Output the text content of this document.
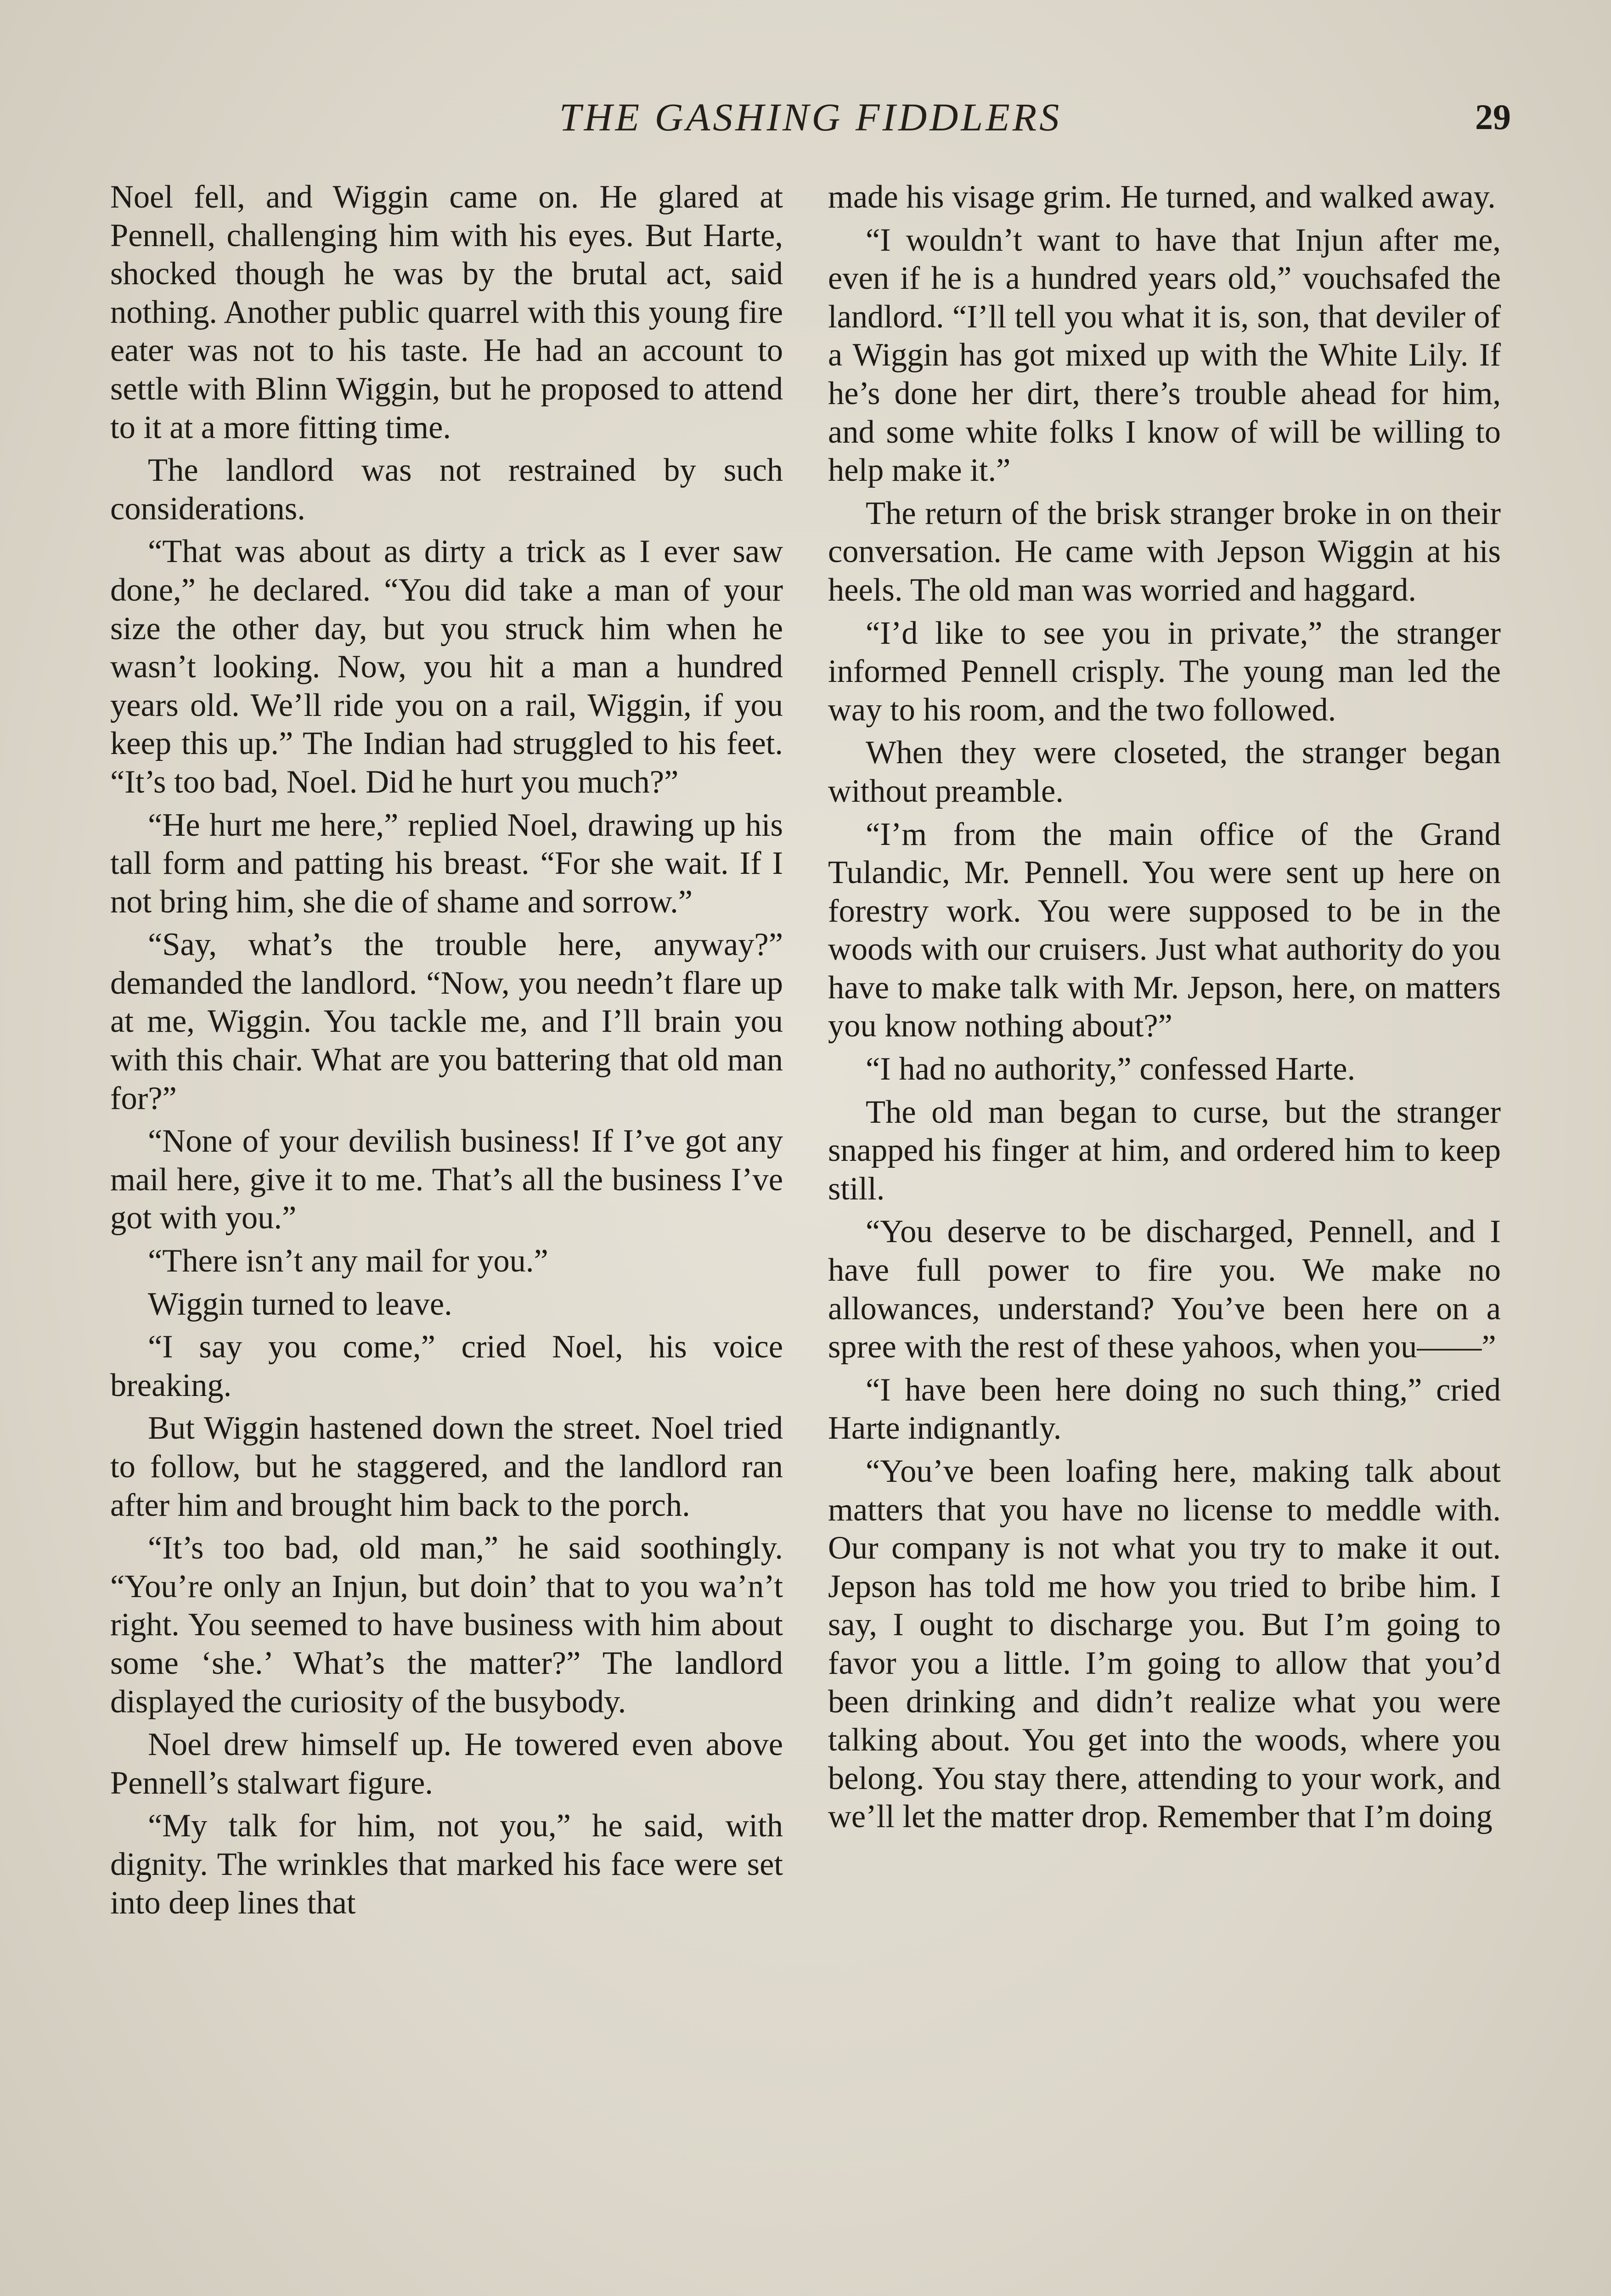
THE GASHING FIDDLERS	29

Noel fell, and Wiggin came on. He glared at Pennell, challenging him with his eyes. But Harte, shocked though he was by the brutal act, said nothing. Another public quarrel with this young fire eater was not to his taste. He had an account to settle with Blinn Wiggin, but he proposed to attend to it at a more fitting time.

The landlord was not restrained by such considerations.

“That was about as dirty a trick as I ever saw done,” he declared. “You did take a man of your size the other day, but you struck him when he wasn’t looking. Now, you hit a man a hundred years old. We’ll ride you on a rail, Wiggin, if you keep this up.” The Indian had struggled to his feet. “It’s too bad, Noel. Did he hurt you much?”

“He hurt me here,” replied Noel, drawing up his tall form and patting his breast. “For she wait. If I not bring him, she die of shame and sorrow.”

“Say, what’s the trouble here, anyway?” demanded the landlord. “Now, you needn’t flare up at me, Wiggin. You tackle me, and I’ll brain you with this chair. What are you battering that old man for?”

“None of your devilish business! If I’ve got any mail here, give it to me. That’s all the business I’ve got with you.”

“There isn’t any mail for you.”

Wiggin turned to leave.

“I say you come,” cried Noel, his voice breaking.

But Wiggin hastened down the street. Noel tried to follow, but he staggered, and the landlord ran after him and brought him back to the porch.

“It’s too bad, old man,” he said soothingly. “You’re only an Injun, but doin’ that to you wa’n’t right. You seemed to have business with him about some ‘she.’ What’s the matter?” The landlord displayed the curiosity of the busybody.

Noel drew himself up. He towered even above Pennell’s stalwart figure.

“My talk for him, not you,” he said, with dignity. The wrinkles that marked his face were set into deep lines that

made his visage grim. He turned, and walked away.

“I wouldn’t want to have that Injun after me, even if he is a hundred years old,” vouchsafed the landlord. “I’ll tell you what it is, son, that deviler of a Wiggin has got mixed up with the White Lily. If he’s done her dirt, there’s trouble ahead for him, and some white folks I know of will be willing to help make it.”

The return of the brisk stranger broke in on their conversation. He came with Jepson Wiggin at his heels. The old man was worried and haggard.

“I’d like to see you in private,” the stranger informed Pennell crisply. The young man led the way to his room, and the two followed.

When they were closeted, the stranger began without preamble.

“I’m from the main office of the Grand Tulandic, Mr. Pennell. You were sent up here on forestry work. You were supposed to be in the woods with our cruisers. Just what authority do you have to make talk with Mr. Jepson, here, on matters you know nothing about?”

“I had no authority,” confessed Harte.

The old man began to curse, but the stranger snapped his finger at him, and ordered him to keep still.

“You deserve to be discharged, Pennell, and I have full power to fire you. We make no allowances, understand? You’ve been here on a spree with the rest of these yahoos, when you——”

“I have been here doing no such thing,” cried Harte indignantly.

“You’ve been loafing here, making talk about matters that you have no license to meddle with. Our company is not what you try to make it out. Jepson has told me how you tried to bribe him. I say, I ought to discharge you. But I’m going to favor you a little. I’m going to allow that you’d been drinking and didn’t realize what you were talking about. You get into the woods, where you belong. You stay there, attending to your work, and we’ll let the matter drop. Remember that I’m doing
